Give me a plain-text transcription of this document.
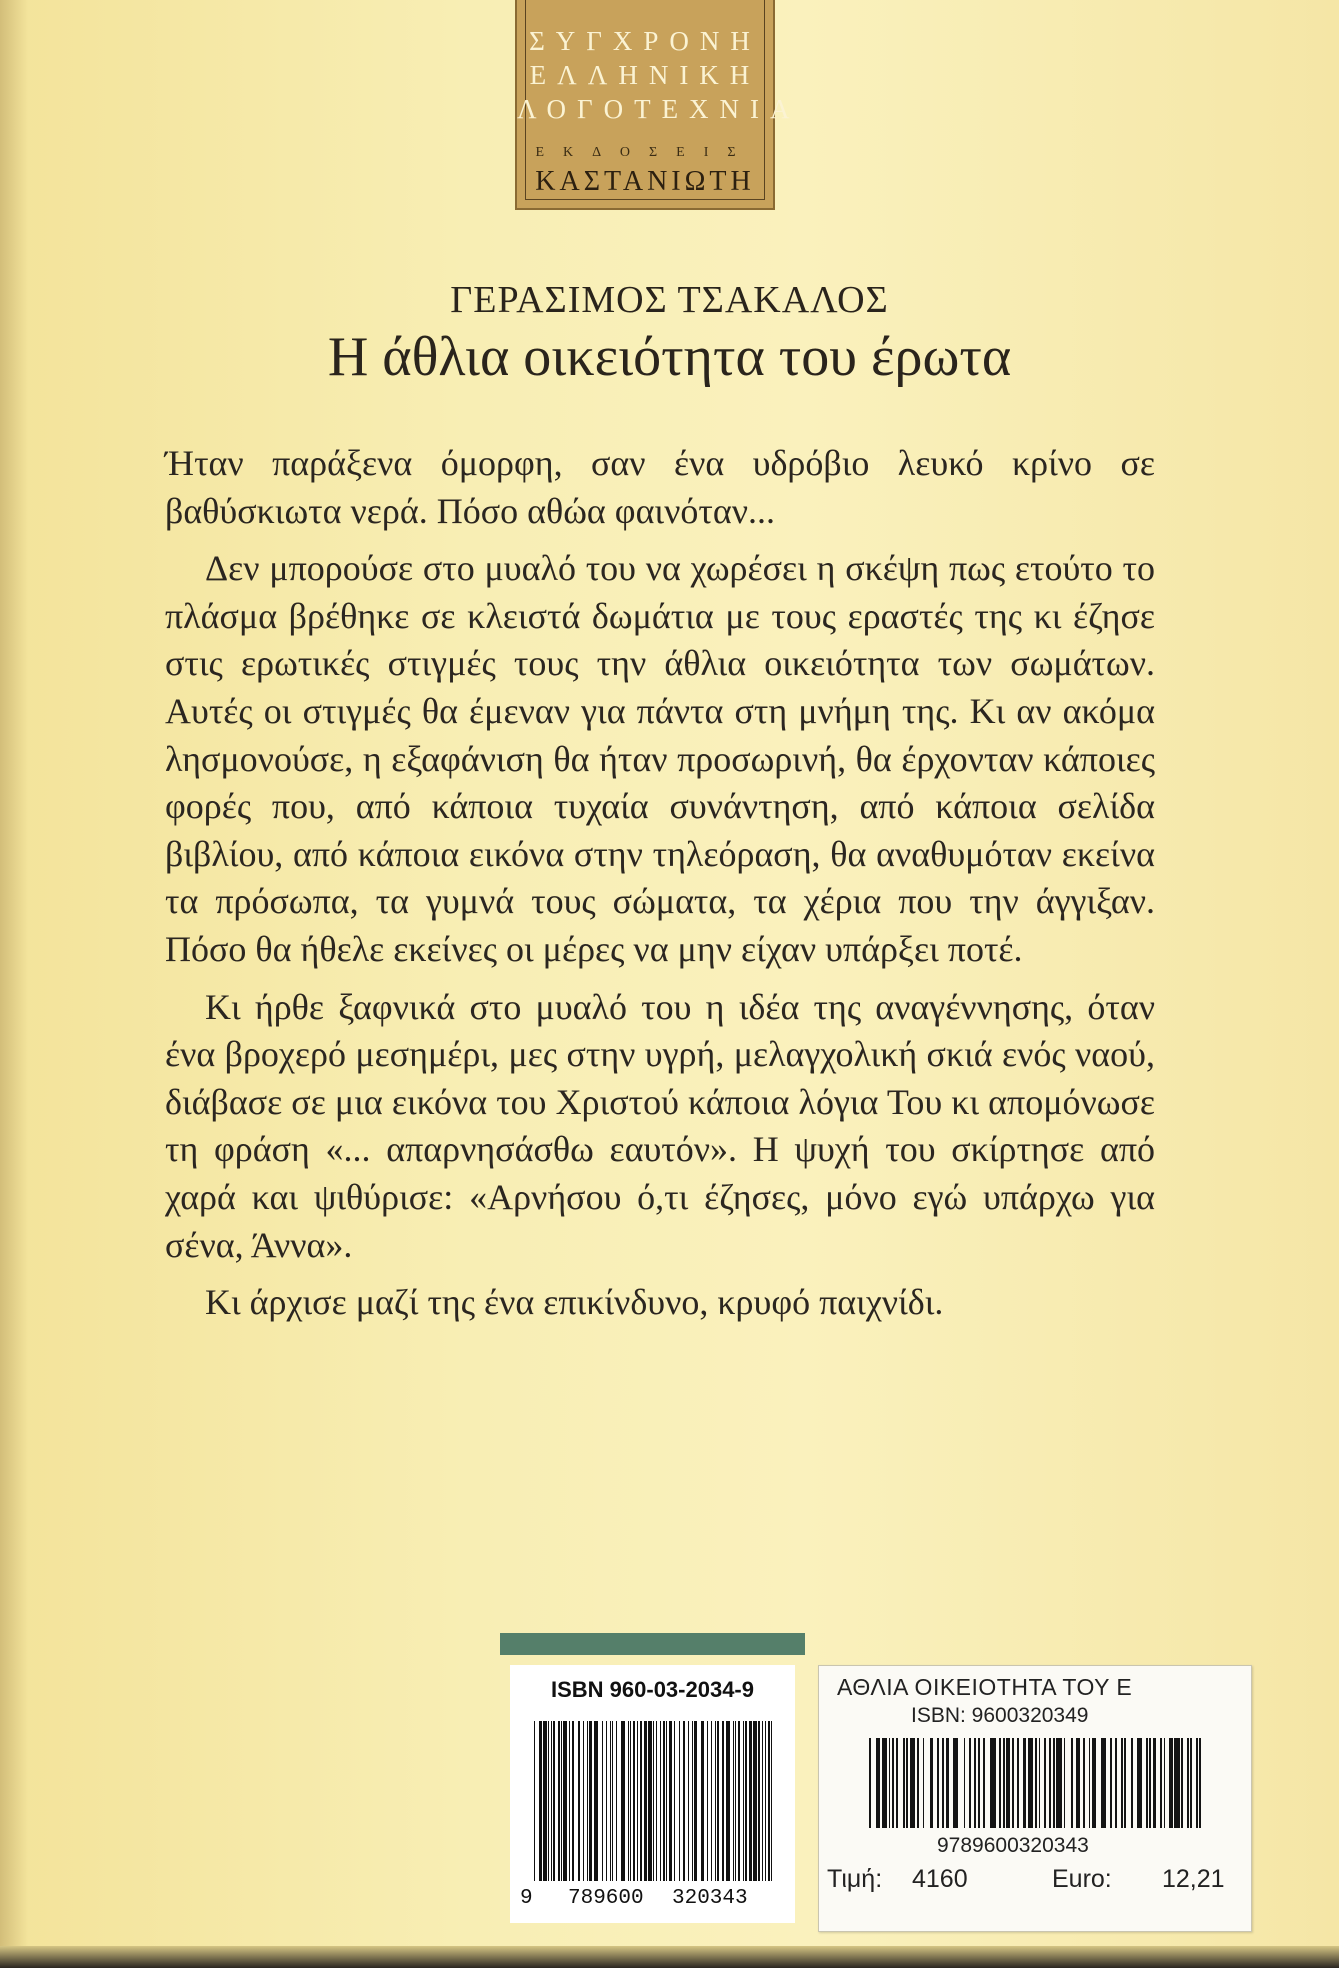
ΣΥΓΧΡΟΝΗ
ΕΛΛΗΝΙΚΗ
ΛΟΓΟΤΕΧΝΙΑ
ΕΚΔΟΣΕΙΣ
ΚΑΣΤΑΝΙΩΤΗ
ΓΕΡΑΣΙΜΟΣ ΤΣΑΚΑΛΟΣ
Η άθλια οικειότητα του έρωτα

Ήταν παράξενα όμορφη, σαν ένα υδρόβιο λευκό κρίνο σε βαθύσκιωτα νερά. Πόσο αθώα φαινόταν...

Δεν μπορούσε στο μυαλό του να χωρέσει η σκέψη πως ετούτο το πλάσμα βρέθηκε σε κλειστά δωμάτια με τους εραστές της κι έζησε στις ερωτικές στιγμές τους την άθλια οικειότητα των σωμάτων. Αυτές οι στιγμές θα έμεναν για πάντα στη μνήμη της. Κι αν ακόμα λησμονούσε, η εξαφάνιση θα ήταν προσωρινή, θα έρχονταν κάποιες φορές που, από κάποια τυχαία συνάντηση, από κάποια σελίδα βιβλίου, από κάποια εικόνα στην τηλεόραση, θα αναθυμόταν εκείνα τα πρόσωπα, τα γυμνά τους σώματα, τα χέρια που την άγγιξαν. Πόσο θα ήθελε εκείνες οι μέρες να μην είχαν υπάρξει ποτέ.

Κι ήρθε ξαφνικά στο μυαλό του η ιδέα της αναγέννησης, όταν ένα βροχερό μεσημέρι, μες στην υγρή, μελαγχολική σκιά ενός ναού, διάβασε σε μια εικόνα του Χριστού κάποια λόγια Του κι απομόνωσε τη φράση «... απαρνησάσθω εαυτόν». Η ψυχή του σκίρτησε από χαρά και ψιθύρισε: «Αρνήσου ό,τι έζησες, μόνο εγώ υπάρχω για σένα, Άννα».

Κι άρχισε μαζί της ένα επικίνδυνο, κρυφό παιχνίδι.

ISBN 960-03-2034-9
9 789600 320343
ΑΘΛΙΑ ΟΙΚΕΙΟΤΗΤΑ ΤΟΥ Ε
ISBN: 9600320349
9789600320343
Τιμή: 4160	Euro: 12,21
